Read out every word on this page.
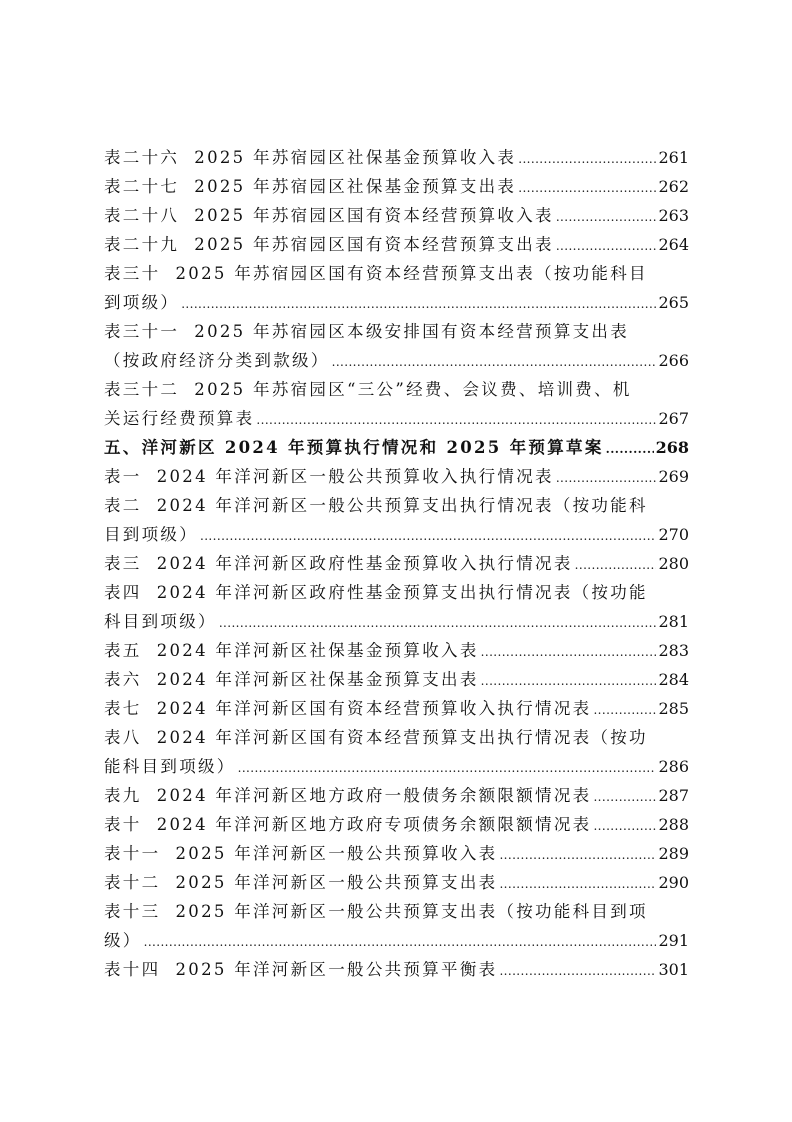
表二十六  2025 年苏宿园区社保基金预算收入表 .....	261
表二十七  2025 年苏宿园区社保基金预算支出表 .....	262
表二十八  2025 年苏宿园区国有资本经营预算收入表 .....	263
表二十九  2025 年苏宿园区国有资本经营预算支出表 .....	264
表三十  2025 年苏宿园区国有资本经营预算支出表（按功能科目
到项级） .....	265
表三十一  2025 年苏宿园区本级安排国有资本经营预算支出表
（按政府经济分类到款级） .....	266
表三十二  2025 年苏宿园区“三公”经费、会议费、培训费、机
关运行经费预算表 .....	267
五、洋河新区 2024 年预算执行情况和 2025 年预算草案 .....	268
表一  2024 年洋河新区一般公共预算收入执行情况表 .....	269
表二  2024 年洋河新区一般公共预算支出执行情况表（按功能科
目到项级） .....	270
表三  2024 年洋河新区政府性基金预算收入执行情况表 .....	280
表四  2024 年洋河新区政府性基金预算支出执行情况表（按功能
科目到项级） .....	281
表五  2024 年洋河新区社保基金预算收入表 .....	283
表六  2024 年洋河新区社保基金预算支出表 .....	284
表七  2024 年洋河新区国有资本经营预算收入执行情况表 .....	285
表八  2024 年洋河新区国有资本经营预算支出执行情况表（按功
能科目到项级） .....	286
表九  2024 年洋河新区地方政府一般债务余额限额情况表 .....	287
表十  2024 年洋河新区地方政府专项债务余额限额情况表 .....	288
表十一  2025 年洋河新区一般公共预算收入表 .....	289
表十二  2025 年洋河新区一般公共预算支出表 .....	290
表十三  2025 年洋河新区一般公共预算支出表（按功能科目到项
级） .....	291
表十四  2025 年洋河新区一般公共预算平衡表 .....	301
